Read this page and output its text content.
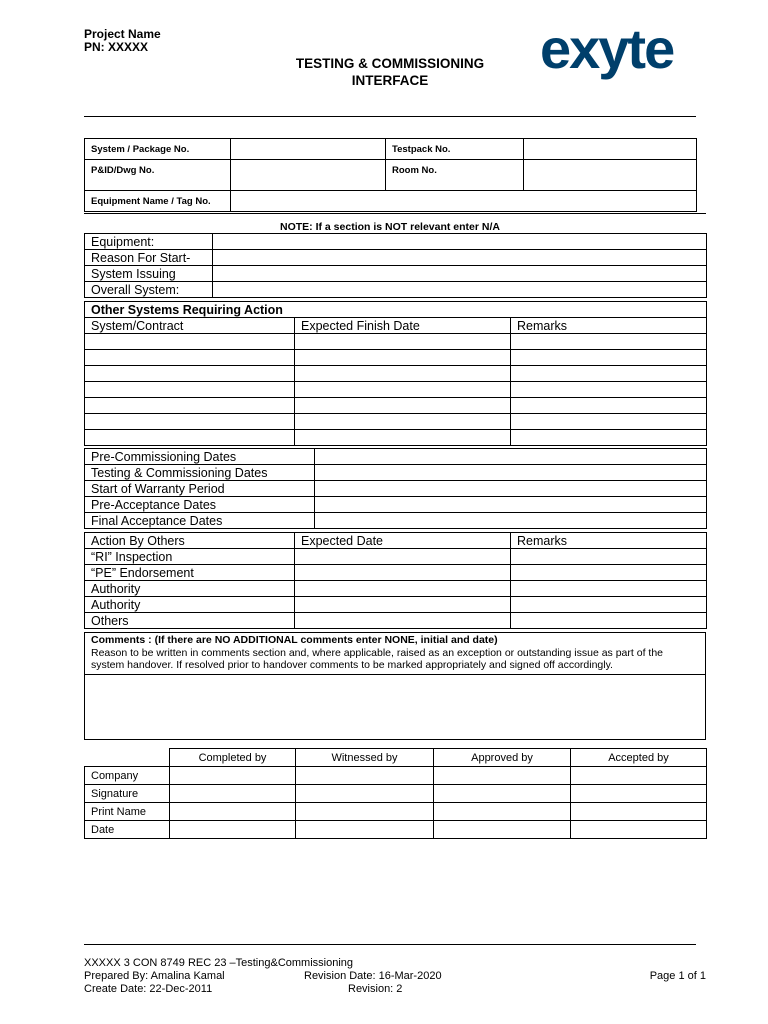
Project Name
PN: XXXXX
TESTING & COMMISSIONING
INTERFACE
exyte
System / Package No.		Testpack No.	
P&ID/Dwg No.		Room No.	
Equipment Name / Tag No.			
NOTE: If a section is NOT relevant enter N/A
Equipment:	
Reason For Start-	
System Issuing	
Overall System:	
Other Systems Requiring Action		
System/Contract	Expected Finish Date	Remarks

Pre-Commissioning Dates	
Testing & Commissioning Dates	
Start of Warranty Period	
Pre-Acceptance Dates	
Final Acceptance Dates	
Action By Others	Expected Date	Remarks
“RI” Inspection		
“PE” Endorsement		
Authority		
Authority		
Others		
Comments : (If there are NO ADDITIONAL comments enter NONE, initial and date)
Reason to be written in comments section and, where applicable, raised as an exception or outstanding issue as part of the system handover. If resolved prior to handover comments to be marked appropriately and signed off accordingly.
	Completed by	Witnessed by	Approved by	Accepted by
Company				
Signature				
Print Name				
Date				
XXXXX 3 CON 8749 REC 23 –Testing&Commissioning
Prepared By: Amalina Kamal	Revision Date: 16-Mar-2020	Page 1 of 1
Create Date: 22-Dec-2011	Revision: 2
